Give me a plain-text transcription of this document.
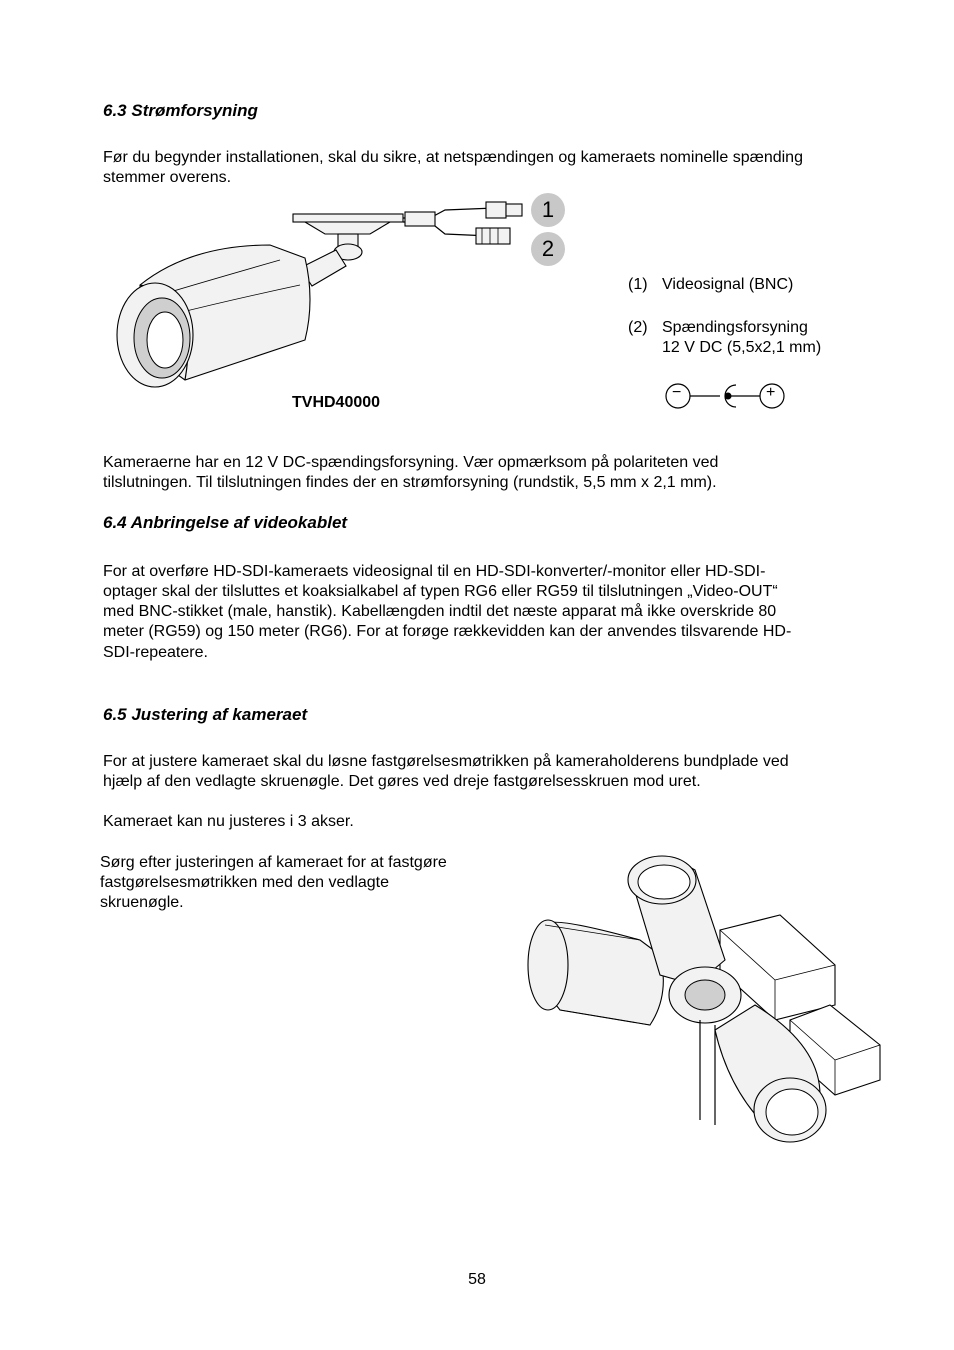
6.3 Strømforsyning
Før du begynder installationen, skal du sikre, at netspændingen og kameraets nominelle spænding
stemmer overens.
1
2
(1) Videosignal (BNC)
(2) Spændingsforsyning
12 V DC (5,5x2,1 mm)
−	+
TVHD40000
Kameraerne har en 12 V DC-spændingsforsyning. Vær opmærksom på polariteten ved
tilslutningen. Til tilslutningen findes der en strømforsyning (rundstik, 5,5 mm x 2,1 mm).
6.4 Anbringelse af videokablet
For at overføre HD-SDI-kameraets videosignal til en HD-SDI-konverter/-monitor eller HD-SDI-
optager skal der tilsluttes et koaksialkabel af typen RG6 eller RG59 til tilslutningen „Video-OUT“
med BNC-stikket (male, hanstik). Kabellængden indtil det næste apparat må ikke overskride 80
meter (RG59) og 150 meter (RG6). For at forøge rækkevidden kan der anvendes tilsvarende HD-
SDI-repeatere.
6.5 Justering af kameraet
For at justere kameraet skal du løsne fastgørelsesmøtrikken på kameraholderens bundplade ved
hjælp af den vedlagte skruenøgle. Det gøres ved dreje fastgørelsesskruen mod uret.
Kameraet kan nu justeres i 3 akser.
Sørg efter justeringen af kameraet for at fastgøre
fastgørelsesmøtrikken med den vedlagte
skruenøgle.
58
